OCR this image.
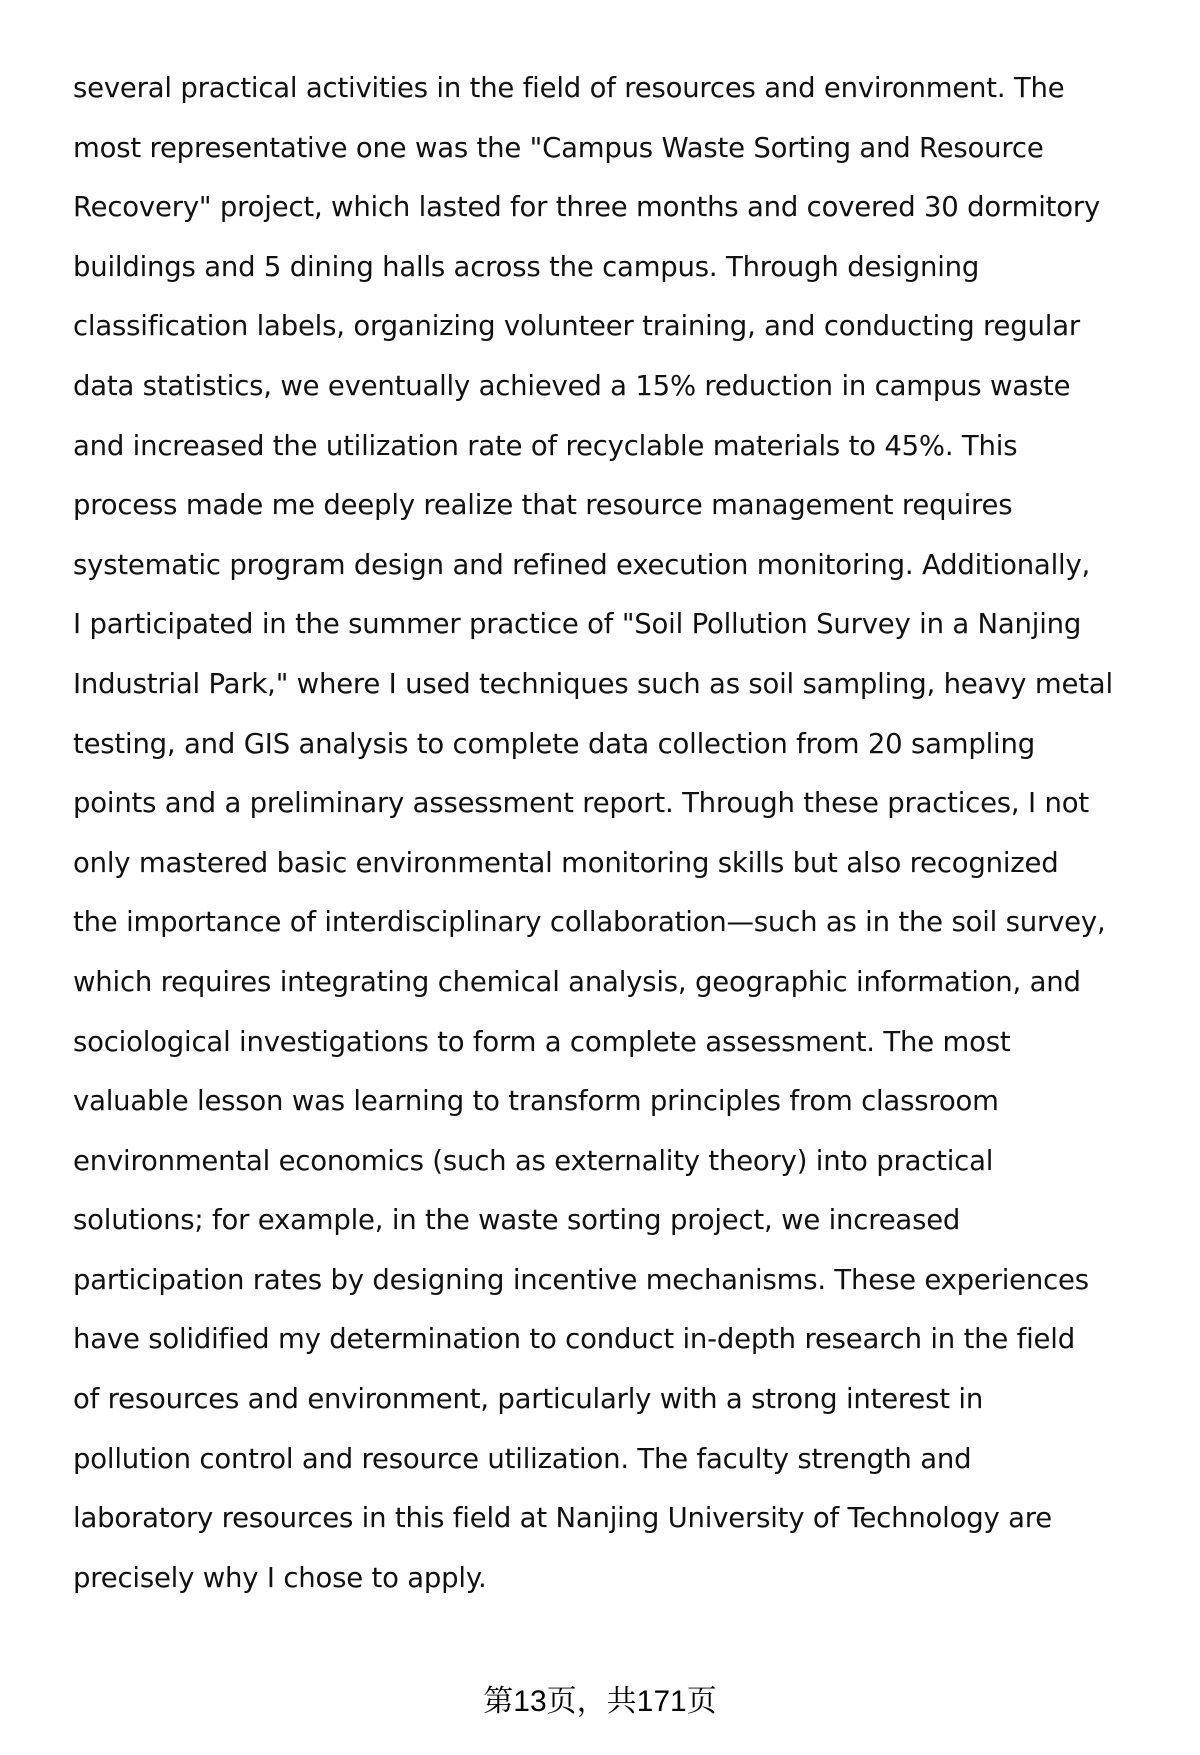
several practical activities in the field of resources and environment. The
most representative one was the "Campus Waste Sorting and Resource
Recovery" project, which lasted for three months and covered 30 dormitory
buildings and 5 dining halls across the campus. Through designing
classification labels, organizing volunteer training, and conducting regular
data statistics, we eventually achieved a 15% reduction in campus waste
and increased the utilization rate of recyclable materials to 45%. This
process made me deeply realize that resource management requires
systematic program design and refined execution monitoring. Additionally,
I participated in the summer practice of "Soil Pollution Survey in a Nanjing
Industrial Park," where I used techniques such as soil sampling, heavy metal
testing, and GIS analysis to complete data collection from 20 sampling
points and a preliminary assessment report. Through these practices, I not
only mastered basic environmental monitoring skills but also recognized
the importance of interdisciplinary collaboration—such as in the soil survey,
which requires integrating chemical analysis, geographic information, and
sociological investigations to form a complete assessment. The most
valuable lesson was learning to transform principles from classroom
environmental economics (such as externality theory) into practical
solutions; for example, in the waste sorting project, we increased
participation rates by designing incentive mechanisms. These experiences
have solidified my determination to conduct in-depth research in the field
of resources and environment, particularly with a strong interest in
pollution control and resource utilization. The faculty strength and
laboratory resources in this field at Nanjing University of Technology are
precisely why I chose to apply.
第13页，共171页
